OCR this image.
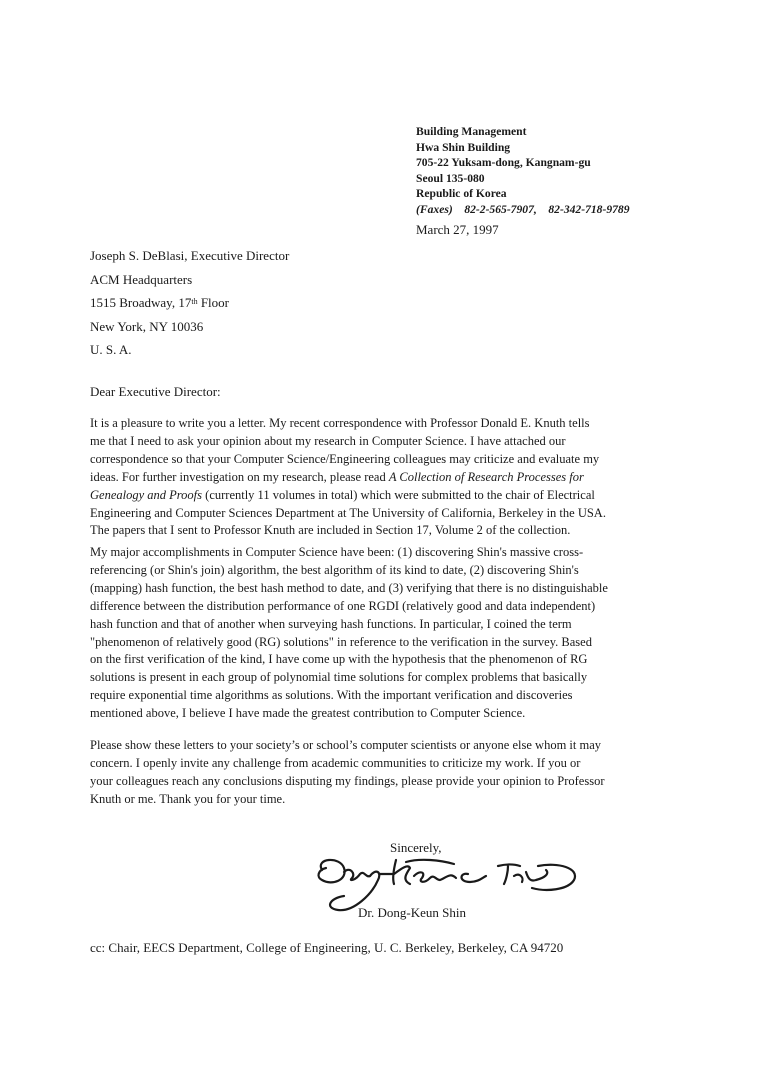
Building Management
Hwa Shin Building
705-22 Yuksam-dong, Kangnam-gu
Seoul 135-080
Republic of Korea
(Faxes) 82-2-565-7907, 82-342-718-9789
March 27, 1997
Joseph S. DeBlasi, Executive Director
ACM Headquarters
1515 Broadway, 17th Floor
New York, NY 10036
U. S. A.
Dear Executive Director:
It is a pleasure to write you a letter. My recent correspondence with Professor Donald E. Knuth tells
me that I need to ask your opinion about my research in Computer Science. I have attached our
correspondence so that your Computer Science/Engineering colleagues may criticize and evaluate my
ideas. For further investigation on my research, please read A Collection of Research Processes for
Genealogy and Proofs (currently 11 volumes in total) which were submitted to the chair of Electrical
Engineering and Computer Sciences Department at The University of California, Berkeley in the USA.
The papers that I sent to Professor Knuth are included in Section 17, Volume 2 of the collection.
My major accomplishments in Computer Science have been: (1) discovering Shin's massive cross-
referencing (or Shin's join) algorithm, the best algorithm of its kind to date, (2) discovering Shin's
(mapping) hash function, the best hash method to date, and (3) verifying that there is no distinguishable
difference between the distribution performance of one RGDI (relatively good and data independent)
hash function and that of another when surveying hash functions. In particular, I coined the term
"phenomenon of relatively good (RG) solutions" in reference to the verification in the survey. Based
on the first verification of the kind, I have come up with the hypothesis that the phenomenon of RG
solutions is present in each group of polynomial time solutions for complex problems that basically
require exponential time algorithms as solutions. With the important verification and discoveries
mentioned above, I believe I have made the greatest contribution to Computer Science.
Please show these letters to your society’s or school’s computer scientists or anyone else whom it may
concern. I openly invite any challenge from academic communities to criticize my work. If you or
your colleagues reach any conclusions disputing my findings, please provide your opinion to Professor
Knuth or me. Thank you for your time.
Sincerely,
Dr. Dong-Keun Shin
cc: Chair, EECS Department, College of Engineering, U. C. Berkeley, Berkeley, CA 94720
